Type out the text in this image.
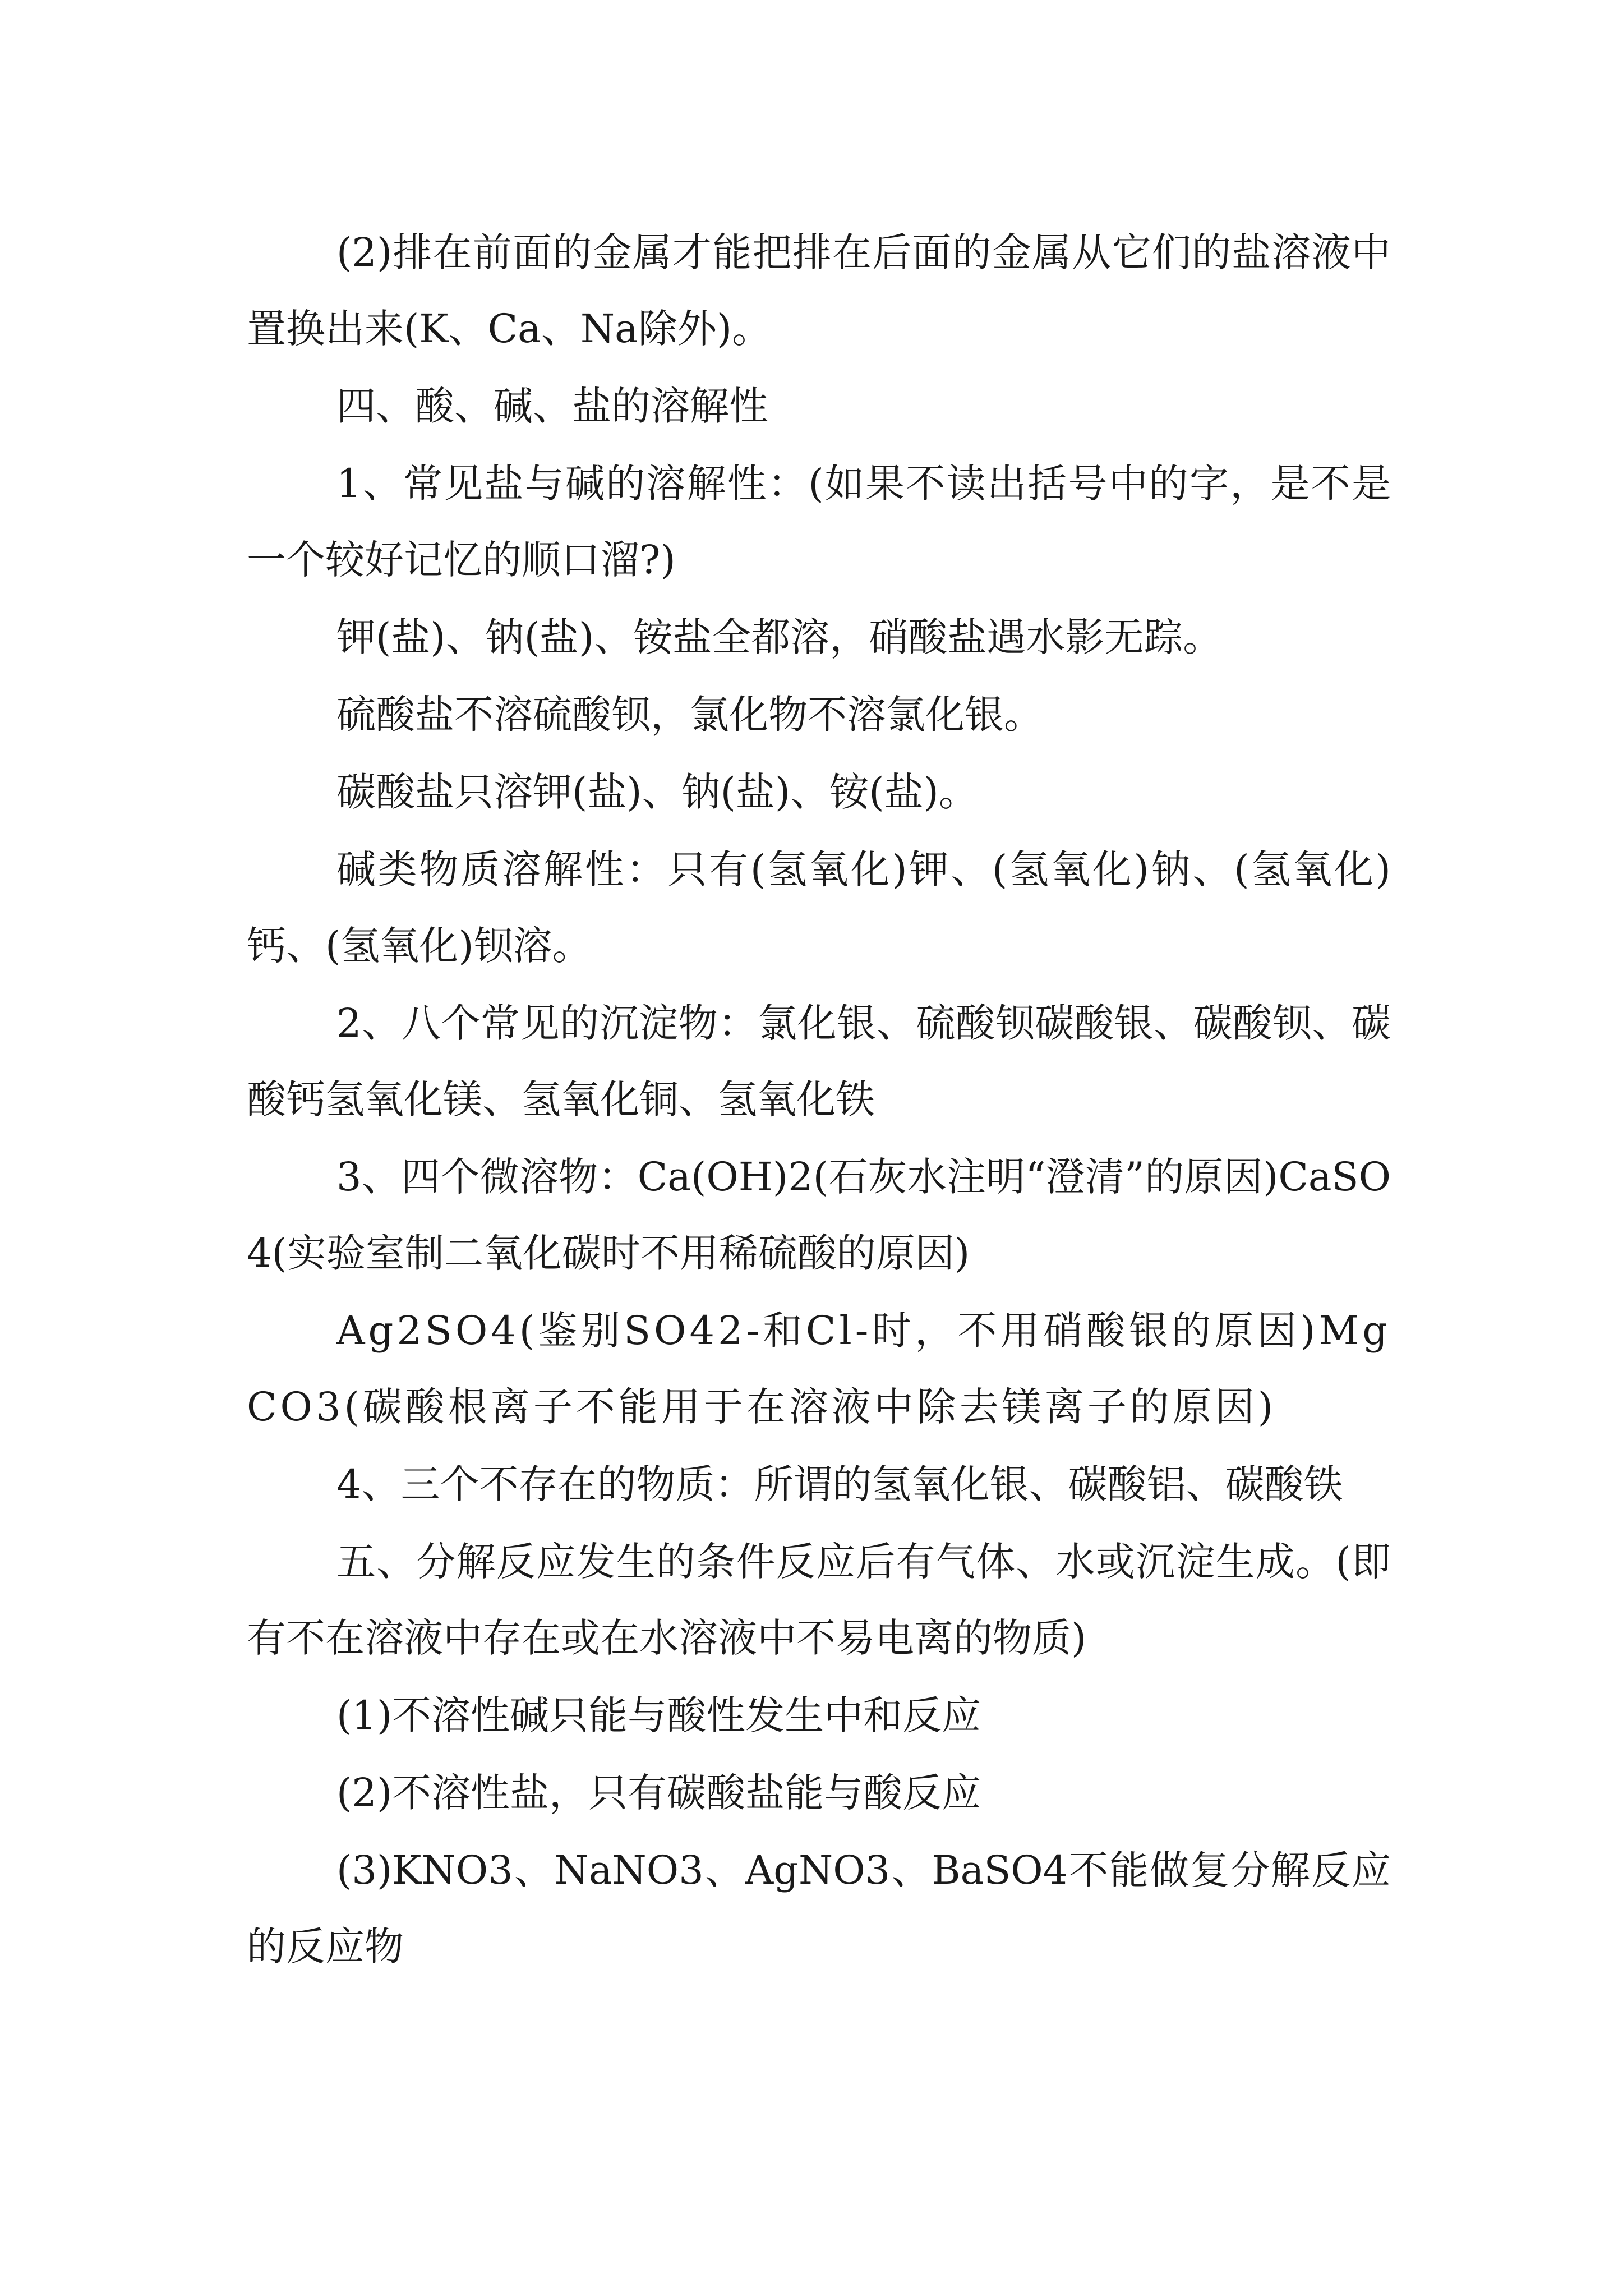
(2)排在前面的金属才能把排在后面的金属从它们的盐溶液中置换出来(K、Ca、Na除外)。

四、酸、碱、盐的溶解性

1、常见盐与碱的溶解性：(如果不读出括号中的字，是不是一个较好记忆的顺口溜?)

钾(盐)、钠(盐)、铵盐全都溶，硝酸盐遇水影无踪。

硫酸盐不溶硫酸钡，氯化物不溶氯化银。

碳酸盐只溶钾(盐)、钠(盐)、铵(盐)。

碱类物质溶解性：只有(氢氧化)钾、(氢氧化)钠、(氢氧化)钙、(氢氧化)钡溶。

2、八个常见的沉淀物：氯化银、硫酸钡碳酸银、碳酸钡、碳酸钙氢氧化镁、氢氧化铜、氢氧化铁

3、四个微溶物：Ca(OH)2(石灰水注明“澄清”的原因)CaSO4(实验室制二氧化碳时不用稀硫酸的原因)

Ag2SO4(鉴别SO42-和Cl-时，不用硝酸银的原因)MgCO3(碳酸根离子不能用于在溶液中除去镁离子的原因)

4、三个不存在的物质：所谓的氢氧化银、碳酸铝、碳酸铁

五、分解反应发生的条件反应后有气体、水或沉淀生成。(即有不在溶液中存在或在水溶液中不易电离的物质)

(1)不溶性碱只能与酸性发生中和反应

(2)不溶性盐，只有碳酸盐能与酸反应

(3)KNO3、NaNO3、AgNO3、BaSO4不能做复分解反应的反应物
